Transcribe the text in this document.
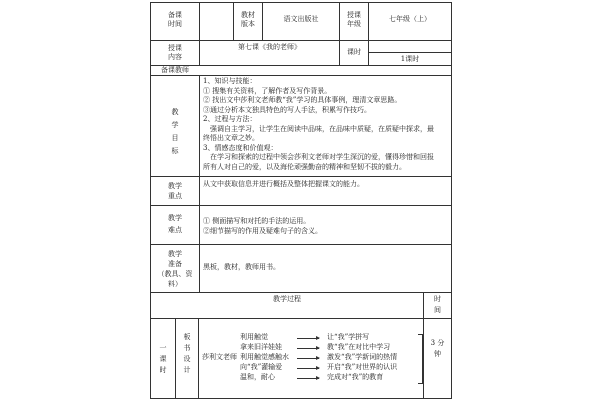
备课
时间
教材
版本
语文出版社	授课
年级
七年级（上）
授课
内容
第七课《我的老师》
课时
1课时
备课教师
教
学
目
标
1、知识与技能：
① 搜集有关资料，了解作者及写作背景。
② 找出文中莎利文老师教“我”学习的具体事例，理清文章思路。
③通过分析本文独具特色的写人手法，积累写作技巧。
2、过程与方法：
　强调自主学习，让学生在阅读中品味，在品味中质疑，在质疑中探求，最
终悟出文章之妙。
3、情感态度和价值观：
　在学习和探索的过程中领会莎利文老师对学生深沉的爱，懂得珍惜和回报
所有人对自己的爱，以及海伦顽强勤奋的精神和坚韧不拔的毅力。
教学
重点
从文中获取信息并进行概括及整体把握课文的能力。
教学
难点
① 侧面描写和对托的手法的运用。
②细节描写的作用及疑难句子的含义。
教学
准备
（教具、资
料）
黑板，教材，教师用书。
教学过程	时
间
一
课
时
板
书
设
计
莎利文老师
利用触觉
拿来旧洋娃娃
利用触觉感触水
向“我”灌输爱
温和，耐心
让“我”学拼写
教“我”在对比中学习
激发“我”学新词的热情
开启“我”对世界的认识
完成对“我”的教育
3 分
钟
